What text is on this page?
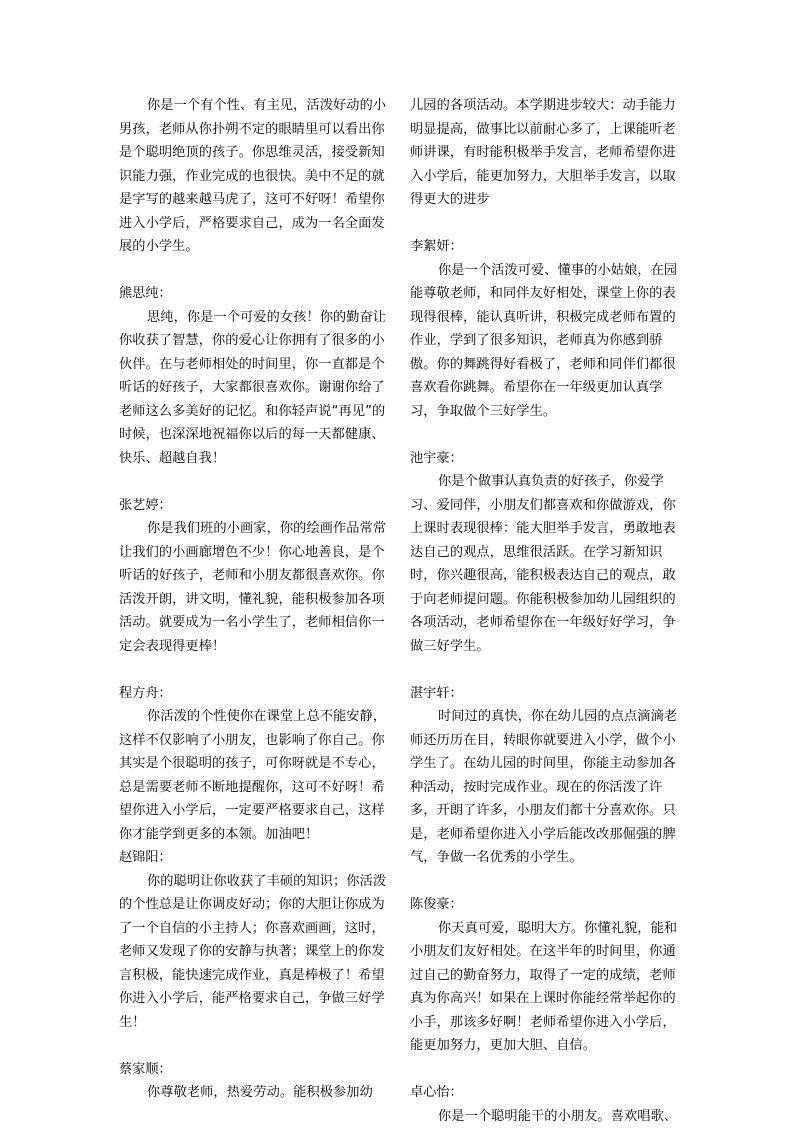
你是一个有个性、有主见，活泼好动的小男孩，老师从你扑朔不定的眼睛里可以看出你是个聪明绝顶的孩子。你思维灵活，接受新知识能力强，作业完成的也很快。美中不足的就是字写的越来越马虎了，这可不好呀！希望你进入小学后，严格要求自己，成为一名全面发展的小学生。

熊思纯：

思纯，你是一个可爱的女孩！你的勤奋让你收获了智慧，你的爱心让你拥有了很多的小伙伴。在与老师相处的时间里，你一直都是个听话的好孩子，大家都很喜欢你。谢谢你给了老师这么多美好的记忆。和你轻声说“再见”的时候，也深深地祝福你以后的每一天都健康、快乐、超越自我！

张艺婷：

你是我们班的小画家，你的绘画作品常常让我们的小画廊增色不少！你心地善良，是个听话的好孩子，老师和小朋友都很喜欢你。你活泼开朗，讲文明，懂礼貌，能积极参加各项活动。就要成为一名小学生了，老师相信你一定会表现得更棒！

程方舟：

你活泼的个性使你在课堂上总不能安静，这样不仅影响了小朋友，也影响了你自己。你其实是个很聪明的孩子，可你呀就是不专心，总是需要老师不断地提醒你，这可不好呀！希望你进入小学后，一定要严格要求自己，这样你才能学到更多的本领。加油吧！

赵锦阳：

你的聪明让你收获了丰硕的知识；你活泼的个性总是让你调皮好动；你的大胆让你成为了一个自信的小主持人；你喜欢画画，这时，老师又发现了你的安静与执著；课堂上的你发言积极，能快速完成作业，真是棒极了！希望你进入小学后，能严格要求自己，争做三好学生！

蔡家顺：

你尊敬老师，热爱劳动。能积极参加幼

儿园的各项活动。本学期进步较大：动手能力明显提高，做事比以前耐心多了，上课能听老师讲课，有时能积极举手发言，老师希望你进入小学后，能更加努力，大胆举手发言，以取得更大的进步

李絮妍：

你是一个活泼可爱、懂事的小姑娘，在园能尊敬老师，和同伴友好相处，课堂上你的表现得很棒，能认真听讲，积极完成老师布置的作业，学到了很多知识，老师真为你感到骄傲。你的舞跳得好看极了，老师和同伴们都很喜欢看你跳舞。希望你在一年级更加认真学习，争取做个三好学生。

池宇豪：

你是个做事认真负责的好孩子，你爱学习、爱同伴，小朋友们都喜欢和你做游戏，你上课时表现很棒：能大胆举手发言，勇敢地表达自己的观点，思维很活跃。在学习新知识时，你兴趣很高，能积极表达自己的观点，敢于向老师提问题。你能积极参加幼儿园组织的各项活动，老师希望你在一年级好好学习，争做三好学生。

湛宇轩：

时间过的真快，你在幼儿园的点点滴滴老师还历历在目，转眼你就要进入小学，做个小学生了。在幼儿园的时间里，你能主动参加各种活动，按时完成作业。现在的你活泼了许多，开朗了许多，小朋友们都十分喜欢你。只是，老师希望你进入小学后能改改那倔强的脾气，争做一名优秀的小学生。

陈俊豪：

你天真可爱，聪明大方。你懂礼貌，能和小朋友们友好相处。在这半年的时间里，你通过自己的勤奋努力，取得了一定的成绩，老师真为你高兴！如果在上课时你能经常举起你的小手，那该多好啊！老师希望你进入小学后，能更加努力，更加大胆、自信。

卓心怡：

你是一个聪明能干的小朋友。喜欢唱歌、
